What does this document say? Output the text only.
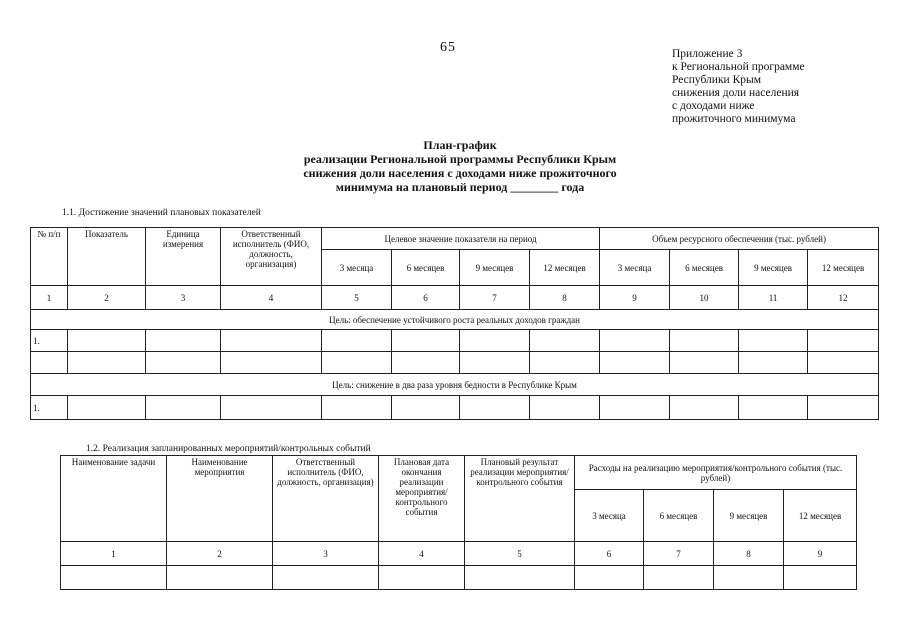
65	Приложение 3
к Региональной программе
Республики Крым
снижения доли населения
с доходами ниже
прожиточного минимума
План-график
реализации Региональной программы Республики Крым
снижения доли населения с доходами ниже прожиточного
минимума на плановый период ________ года
1.1. Достижение значений плановых показателей
№ п/п	Показатель	Единица измерения	Ответственный исполнитель (ФИО, должность, организация)	Целевое значение показателя на период				Объем ресурсного обеспечения (тыс. рублей)			
				3 месяца	6 месяцев	9 месяцев	12 месяцев	3 месяца	6 месяцев	9 месяцев	12 месяцев
1	2	3	4	5	6	7	8	9	10	11	12
Цель: обеспечение устойчивого роста реальных доходов граждан											
1.											

Цель: снижение в два раза уровня бедности в Республике Крым											
1.											
1.2. Реализация запланированных мероприятий/контрольных событий
Наименование задачи	Наименование мероприятия	Ответственный исполнитель (ФИО, должность, организация)	Плановая дата окончания реализации мероприятия/ контрольного события	Плановый результат реализации мероприятия/ контрольного события	Расходы на реализацию мероприятия/контрольного события (тыс. рублей)			
					3 месяца	6 месяцев	9 месяцев	12 месяцев
1	2	3	4	5	6	7	8	9
